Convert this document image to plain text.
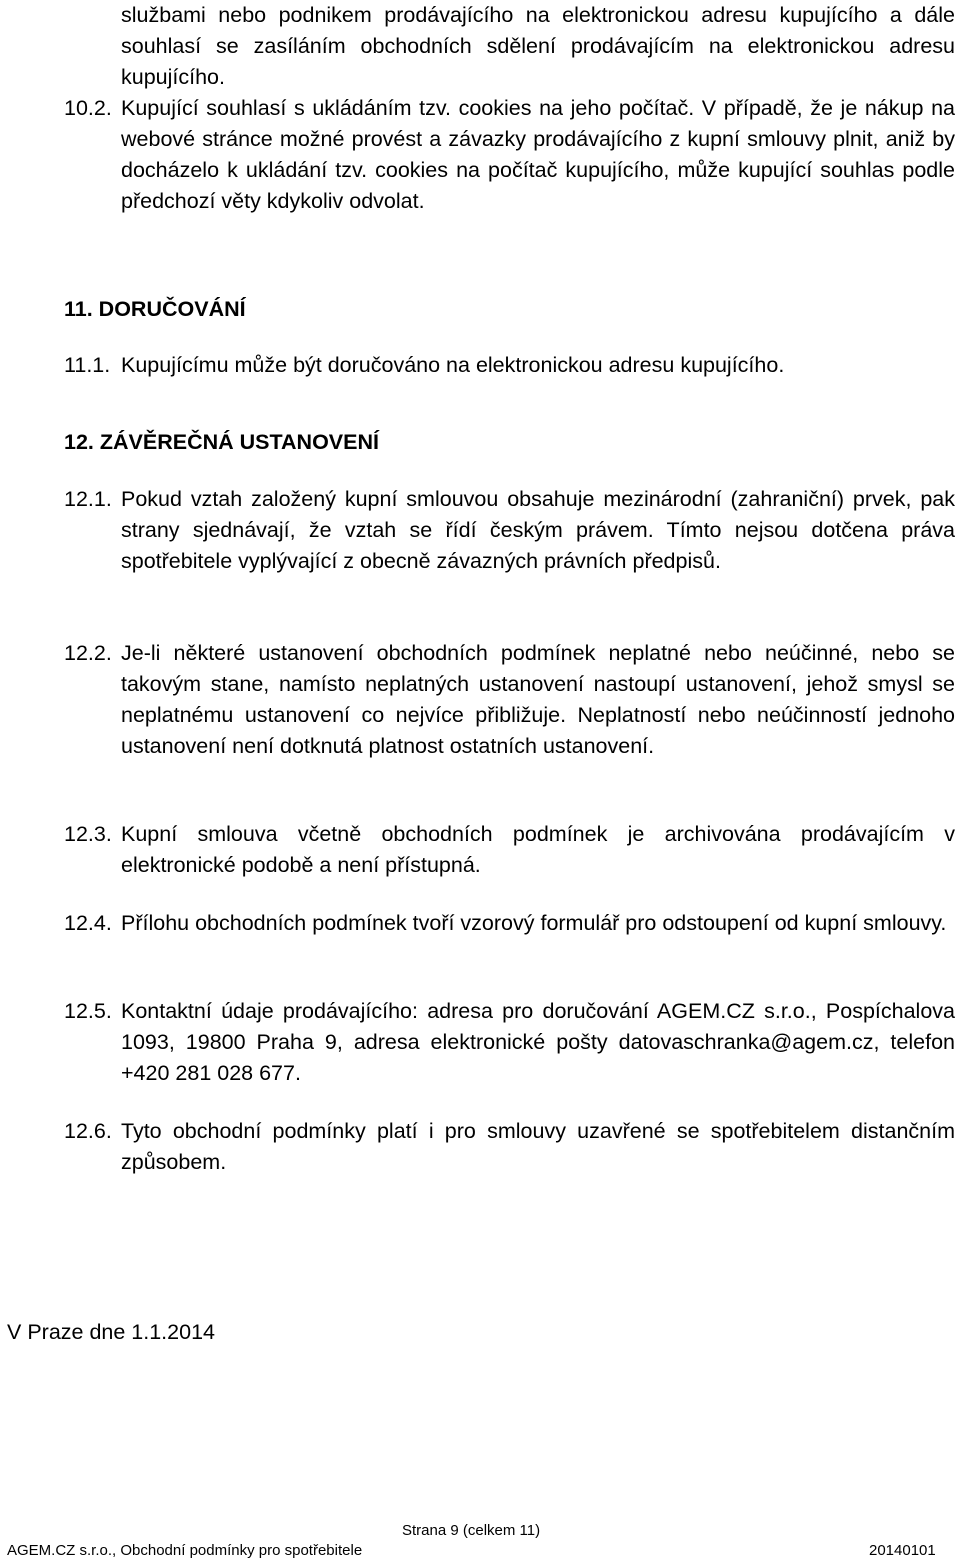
službami nebo podnikem prodávajícího na elektronickou adresu kupujícího a dále souhlasí se zasíláním obchodních sdělení prodávajícím na elektronickou adresu kupujícího.
10.2. Kupující souhlasí s ukládáním tzv. cookies na jeho počítač. V případě, že je nákup na webové stránce možné provést a závazky prodávajícího z kupní smlouvy plnit, aniž by docházelo k ukládání tzv. cookies na počítač kupujícího, může kupující souhlas podle předchozí věty kdykoliv odvolat.
11. DORUČOVÁNÍ
11.1. Kupujícímu může být doručováno na elektronickou adresu kupujícího.
12. ZÁVĚREČNÁ USTANOVENÍ
12.1. Pokud vztah založený kupní smlouvou obsahuje mezinárodní (zahraniční) prvek, pak strany sjednávají, že vztah se řídí českým právem. Tímto nejsou dotčena práva spotřebitele vyplývající z obecně závazných právních předpisů.
12.2. Je-li některé ustanovení obchodních podmínek neplatné nebo neúčinné, nebo se takovým stane, namísto neplatných ustanovení nastoupí ustanovení, jehož smysl se neplatnému ustanovení co nejvíce přibližuje. Neplatností nebo neúčinností jednoho ustanovení není dotknutá platnost ostatních ustanovení.
12.3. Kupní smlouva včetně obchodních podmínek je archivována prodávajícím v elektronické podobě a není přístupná.
12.4. Přílohu obchodních podmínek tvoří vzorový formulář pro odstoupení od kupní smlouvy.
12.5. Kontaktní údaje prodávajícího: adresa pro doručování AGEM.CZ s.r.o., Pospíchalova 1093, 19800 Praha 9, adresa elektronické pošty datovaschranka@agem.cz, telefon +420 281 028 677.
12.6. Tyto obchodní podmínky platí i pro smlouvy uzavřené se spotřebitelem distančním způsobem.
V Praze dne 1.1.2014
Strana 9 (celkem 11)
AGEM.CZ s.r.o., Obchodní podmínky pro spotřebitele	20140101
